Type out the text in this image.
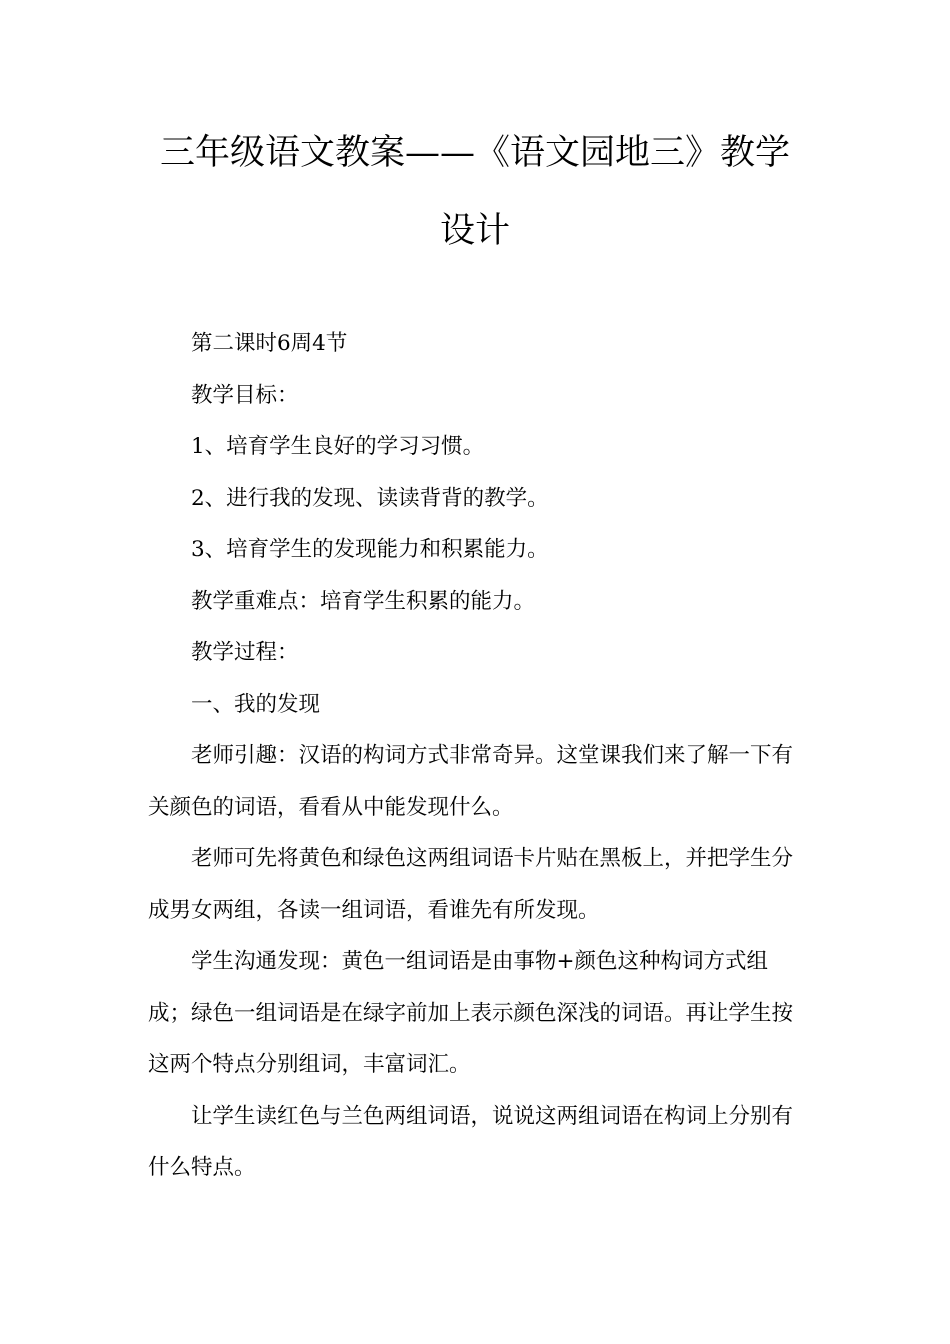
三年级语文教案——《语文园地三》教学设计

第二课时6周4节

教学目标：

1、培育学生良好的学习习惯。

2、进行我的发现、读读背背的教学。

3、培育学生的发现能力和积累能力。

教学重难点：培育学生积累的能力。

教学过程：

一、我的发现

老师引趣：汉语的构词方式非常奇异。这堂课我们来了解一下有关颜色的词语，看看从中能发现什么。

老师可先将黄色和绿色这两组词语卡片贴在黑板上，并把学生分成男女两组，各读一组词语，看谁先有所发现。

学生沟通发现：黄色一组词语是由事物+颜色这种构词方式组成；绿色一组词语是在绿字前加上表示颜色深浅的词语。再让学生按这两个特点分别组词，丰富词汇。

让学生读红色与兰色两组词语，说说这两组词语在构词上分别有什么特点。
